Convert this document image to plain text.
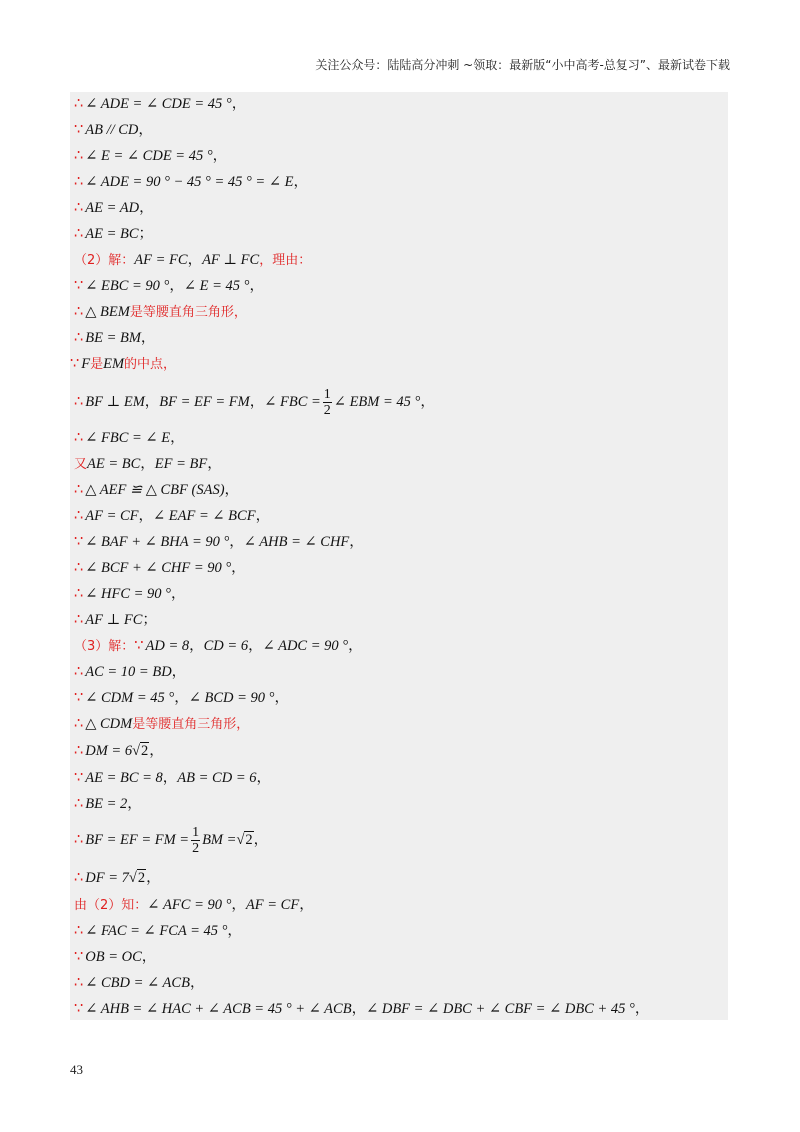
关注公众号：陆陆高分冲刺 ~领取：最新版“小中高考-总复习”、最新试卷下载
∴ ∠ ADE = ∠ CDE = 45 °，
∵ AB // CD，
∴ ∠ E = ∠ CDE = 45 °，
∴ ∠ ADE = 90 ° − 45 ° = 45 ° = ∠ E，
∴ AE = AD，
∴ AE = BC；
（2）解：AF = FC，AF ⊥ FC，理由：
∵ ∠ EBC = 90 °，∠ E = 45 °，
∴ △ BEM是等腰直角三角形，
∴ BE = BM，
∵ F是EM的中点，
∴ BF ⊥ EM，BF = EF = FM，∠ FBC = $\frac{1}{2}$ ∠ EBM = 45 °，
∴ ∠ FBC = ∠ E，
又AE = BC，EF = BF，
∴ △ AEF ≌ △ CBF (SAS)，
∴ AF = CF，∠ EAF = ∠ BCF，
∵ ∠ BAF + ∠ BHA = 90 °，∠ AHB = ∠ CHF，
∴ ∠ BCF + ∠ CHF = 90 °，
∴ ∠ HFC = 90 °，
∴ AF ⊥ FC；
（3）解：∵ AD = 8，CD = 6，∠ ADC = 90 °，
∴ AC = 10 = BD，
∵ ∠ CDM = 45 °，∠ BCD = 90 °，
∴ △ CDM是等腰直角三角形，
∴ DM = 6√2，
∵ AE = BC = 8，AB = CD = 6，
∴ BE = 2，
∴ BF = EF = FM = $\frac{1}{2}$ BM =√2，
∴ DF = 7√2，
由（2）知：∠ AFC = 90 °，AF = CF，
∴ ∠ FAC = ∠ FCA = 45 °，
∵ OB = OC，
∴ ∠ CBD = ∠ ACB，
∵ ∠ AHB = ∠ HAC + ∠ ACB = 45 ° + ∠ ACB，∠ DBF = ∠ DBC + ∠ CBF = ∠ DBC + 45 °，
43
